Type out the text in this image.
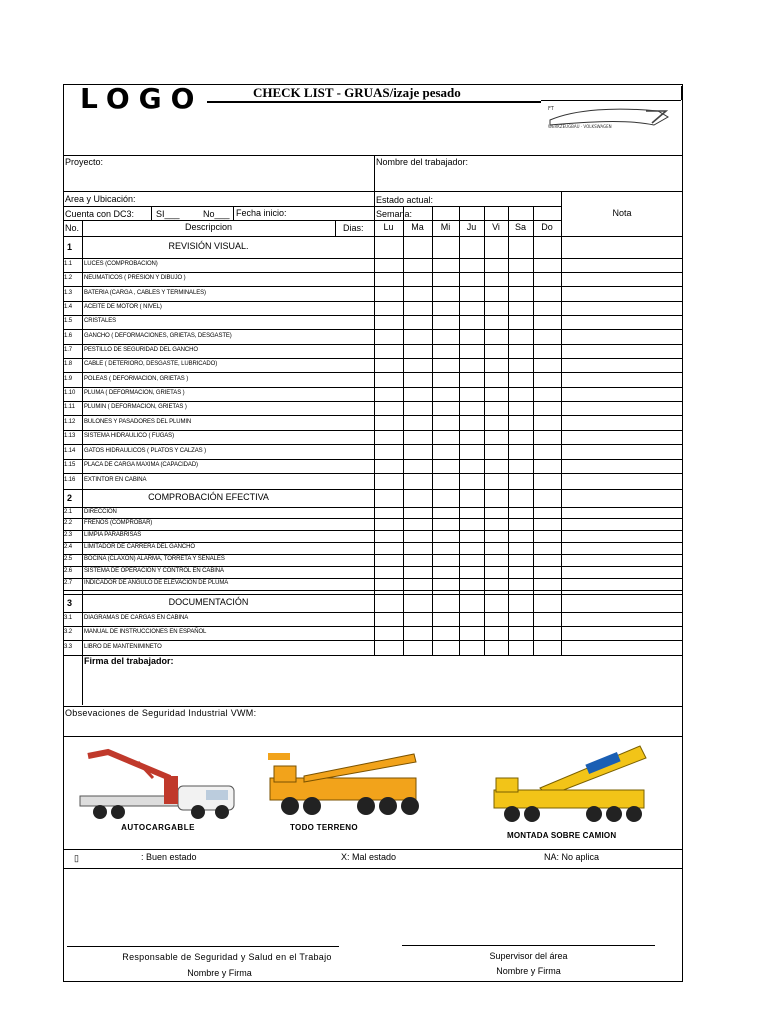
LOGO	CHECK LIST - GRUAS/izaje pesado
FT
WERKZEUGBAU · VOLKSWAGEN
1	REVISIÓN VISUAL.
1.1 LUCES (COMPROBACION)
1.2 NEUMATICOS ( PRESION Y DIBUJO )
1.3 BATERIA (CARGA , CABLES Y TERMINALES)
1.4 ACEITE DE MOTOR ( NIVEL)
1.5 CRISTALES
1.6 GANCHO ( DEFORMACIONES, GRIETAS, DESGASTE)
1.7 PESTILLO DE SEGURIDAD DEL GANCHO
1.8 CABLE ( DETERIORO, DESGASTE, LUBRICADO)
1.9 POLEAS ( DEFORMACION, GRIETAS )
1.10 PLUMA ( DEFORMACION, GRIETAS )
1.11 PLUMIN ( DEFORMACION, GRIETAS )
1.12 BULONES Y PASADORES DEL PLUMIN
1.13 SISTEMA HIDRAULICO ( FUGAS)
1.14 GATOS HIDRAULICOS ( PLATOS Y CALZAS )
1.15 PLACA DE CARGA MAXIMA (CAPACIDAD)
1.16 EXTINTOR EN CABINA
2	COMPROBACIÓN EFECTIVA
2.1 DIRECCION
2.2 FRENOS (COMPROBAR)
2.3 LIMPIA PARABRISAS
2.4 LIMITADOR DE CARRERA DEL GANCHO
2.5 BOCINA (CLAXON) ALARMA, TORRETA Y SEÑALES
2.6 SISTEMA DE OPERACIÓN Y CONTROL EN CABINA
2.7 INDICADOR DE ANGULO DE ELEVACION DE PLUMA
3	DOCUMENTACIÓN
3.1 DIAGRAMAS DE CARGAS EN CABINA
3.2 MANUAL DE INSTRUCCIONES EN ESPAÑOL
3.3 LIBRO DE MANTENIMINETO
Proyecto:	Nombre del trabajador:
Area y Ubicación:	Estado actual:
Cuenta con DC3: SI___	No___ Fecha inicio:	Semana:	Nota
No.	Descripcion	Dias:	Lu	Ma	Mi	Ju	Vi	Sa	Do
Firma del trabajador:
Obsevaciones de Seguridad Industrial VWM:
AUTOCARGABLE	TODO TERRENO
MONTADA SOBRE CAMION
▯	: Buen estado	X: Mal estado	NA: No aplica
Responsable de Seguridad y Salud en el Trabajo
Nombre y Firma
Supervisor del área
Nombre y Firma
